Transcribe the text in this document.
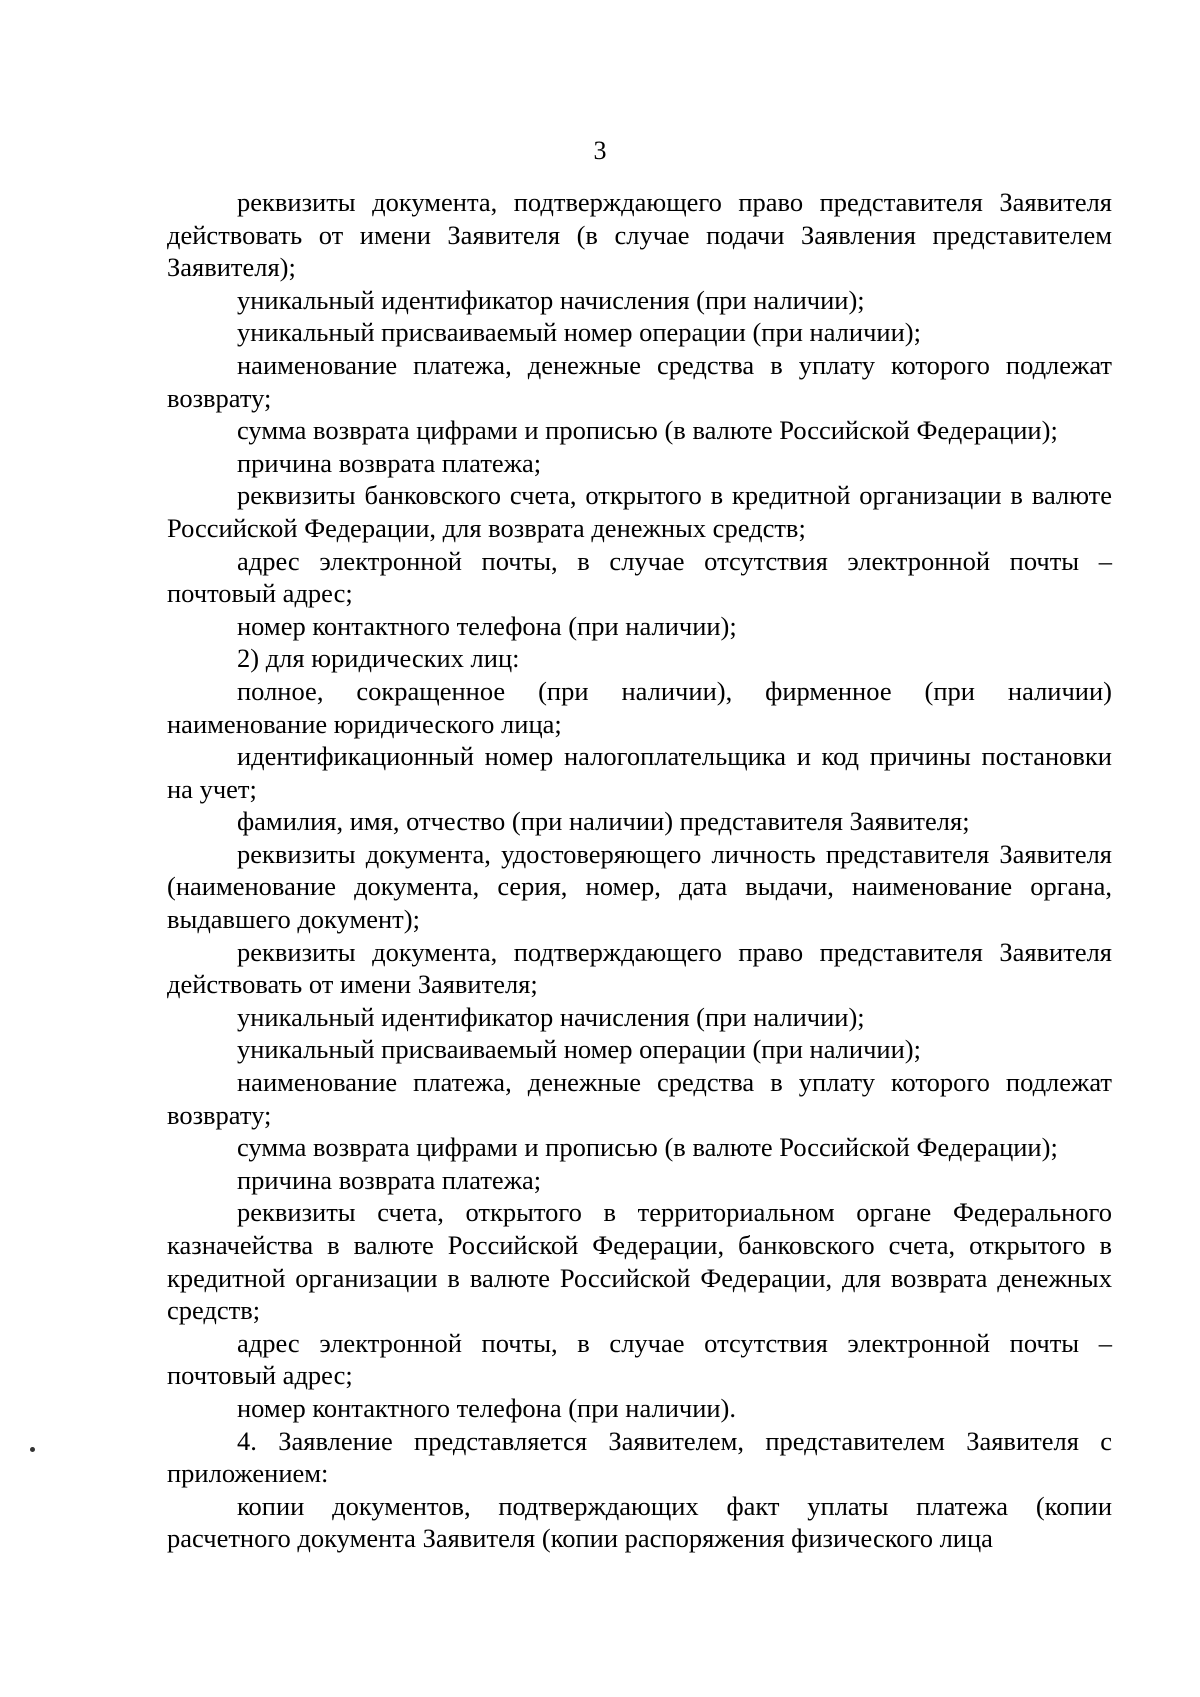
3

реквизиты документа, подтверждающего право представителя Заявителя действовать от имени Заявителя (в случае подачи Заявления представителем Заявителя);

уникальный идентификатор начисления (при наличии);

уникальный присваиваемый номер операции (при наличии);

наименование платежа, денежные средства в уплату которого подлежат возврату;

сумма возврата цифрами и прописью (в валюте Российской Федерации);

причина возврата платежа;

реквизиты банковского счета, открытого в кредитной организации в валюте Российской Федерации, для возврата денежных средств;

адрес электронной почты, в случае отсутствия электронной почты – почтовый адрес;

номер контактного телефона (при наличии);

2) для юридических лиц:

полное, сокращенное (при наличии), фирменное (при наличии) наименование юридического лица;

идентификационный номер налогоплательщика и код причины постановки на учет;

фамилия, имя, отчество (при наличии) представителя Заявителя;

реквизиты документа, удостоверяющего личность представителя Заявителя (наименование документа, серия, номер, дата выдачи, наименование органа, выдавшего документ);

реквизиты документа, подтверждающего право представителя Заявителя действовать от имени Заявителя;

уникальный идентификатор начисления (при наличии);

уникальный присваиваемый номер операции (при наличии);

наименование платежа, денежные средства в уплату которого подлежат возврату;

сумма возврата цифрами и прописью (в валюте Российской Федерации);

причина возврата платежа;

реквизиты счета, открытого в территориальном органе Федерального казначейства в валюте Российской Федерации, банковского счета, открытого в кредитной организации в валюте Российской Федерации, для возврата денежных средств;

адрес электронной почты, в случае отсутствия электронной почты – почтовый адрес;

номер контактного телефона (при наличии).

4. Заявление представляется Заявителем, представителем Заявителя с приложением:

копии документов, подтверждающих факт уплаты платежа (копии расчетного документа Заявителя (копии распоряжения физического лица
